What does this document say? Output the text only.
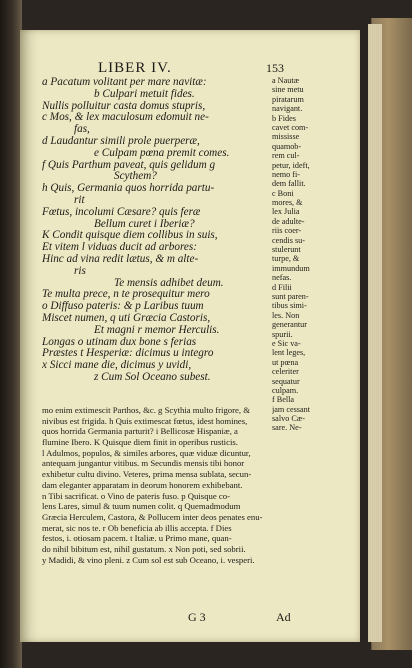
LIBER IV.	153
a Pacatum volitant per mare navitæ:
b Culpari metuit fides.
Nullis polluitur casta domus stupris,
c Mos, & lex maculosum edomuit ne-
fas,
d Laudantur simili prole puerperæ,
e Culpam pœna premit comes.
f Quis Parthum paveat, quis gelidum g
Scythem?
h Quis, Germania quos horrida partu-
rit
Fœtus, incolumi Cæsare? quis feræ
Bellum curet i Iberiæ?
K Condit quisque diem collibus in suis,
Et vitem l viduas ducit ad arbores:
Hinc ad vina redit lætus, & m alte-
ris
Te mensis adhibet deum.
Te multa prece, n te prosequitur mero
o Diffuso pateris: & p Laribus tuum
Miscet numen, q uti Græcia Castoris,
Et magni r memor Herculis.
Longas o utinam dux bone s ferias
Præstes t Hesperiæ: dicimus u integro
x Sicci mane die, dicimus y uvidi,
z Cum Sol Oceano subest.
a Nautæ
sine metu
piratarum
navigant.
b Fides
cavet com-
mississe
quamob-
rem cul-
petur, ideft,
nemo fi-
dem fallit.
c Boni
mores, &
lex Julia
de adulte-
riis coer-
cendis su-
stulerunt
turpe, &
immundum
nefas.
d Filii
sunt paren-
tibus simi-
les. Non
generantur
spurii.
e Sic va-
lent leges,
ut pœna
celeriter
sequatur
culpam.
f Bella
jam cessant
salvo Cæ-
sare. Ne-
mo enim extimescit Parthos, &c. g Scythia multo frigore, &
nivibus est frigida. h Quis extimescat fœtus, idest homines,
quos horrida Germania parturit? i Bellicosæ Hispaniæ, a
flumine Ibero. K Quisque diem finit in operibus rusticis.
l Adulmos, populos, & similes arbores, quæ viduæ dicuntur,
antequam jungantur vitibus. m Secundis mensis tibi honor
exhibetur cultu divino. Veteres, prima mensa sublata, secun-
dam eleganter apparatam in deorum honorem exhibebant.
n Tibi sacrificat. o Vino de pateris fuso. p Quisque co-
lens Lares, simul & tuum numen colit. q Quemadmodum
Græcia Herculem, Castora, & Pollucem inter deos penates enu-
merat, sic nos te. r Ob beneficia ab illis accepta. f Dies
festos, i. otiosam pacem. t Italiæ. u Primo mane, quan-
do nihil bibitum est, nihil gustatum. x Non poti, sed sobrii.
y Madidi, & vino pleni. z Cum sol est sub Oceano, i. vesperi.
G 3	Ad
